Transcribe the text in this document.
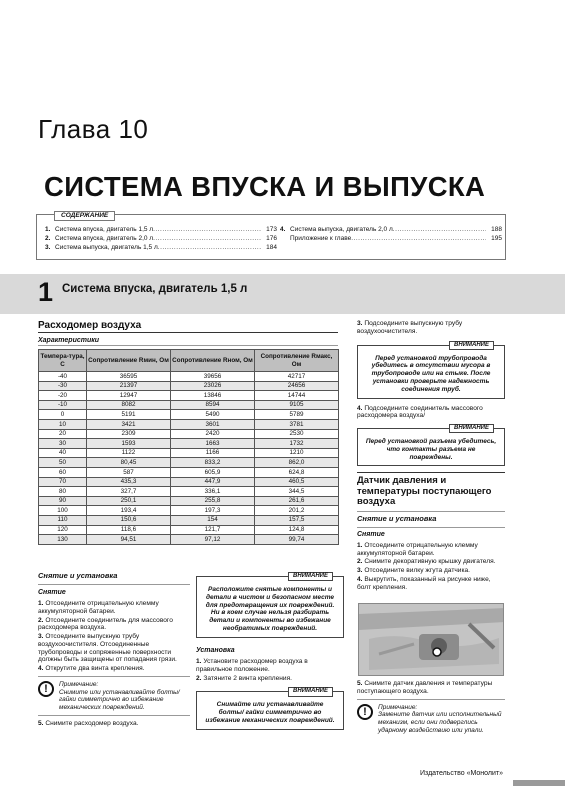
Глава 10
СИСТЕМА ВПУСКА И ВЫПУСКА
1. Система впуска, двигатель 1,5 л .....	173
2. Система впуска, двигатель 2,0 л .....	176
3. Система выпуска, двигатель 1,5 л .....	184
4. Система выпуска, двигатель 2,0 л .....	188
Приложение к главе .....	195
СОДЕРЖАНИЕ
1 Система впуска, двигатель 1,5 л
Расходомер воздуха
Характеристики
Темпера-тура, С	Сопротивление Rмин, Ом	Сопротивление Rном, Ом	Сопротивление Rмакс, Ом
-40	36595	39656	42717
-30	21397	23026	24656
-20	12947	13846	14744
-10	8082	8594	9105
0	5191	5490	5789
10	3421	3601	3781
20	2309	2420	2530
30	1593	1663	1732
40	1122	1166	1210
50	80,45	833,2	862,0
60	587	605,9	624,8
70	435,3	447,9	460,5
80	327,7	336,1	344,5
90	250,1	255,8	261,6
100	193,4	197,3	201,2
110	150,6	154	157,5
120	118,6	121,7	124,8
130	94,51	97,12	99,74
Снятие и установка
Снятие

1. Отсоедините отрицательную клемму аккумуляторной батареи.

2. Отсоедините соединитель для массового расходомера воздуха.

3. Отсоедините выпускную трубу воздухоочистителя. Отсоединенные трубопроводы и сопряженные поверхности должны быть защищены от попадания грязи.

4. Открутите два винта крепления.

!	Примечание:
Снимите или устанавливайте болты/ гайки симметрично во избежание механических повреждений.

5. Снимите расходомер воздуха.

ВНИМАНИЕ
Расположите снятые компоненты и детали в чистом и безопасном месте для предотвращения их повреждений. Ни в коем случае нельзя разбирать детали и компоненты во избежание необратимых повреждений.
Установка

1. Установите расходомер воздуха в правильное положение.

2. Затяните 2 винта крепления.

ВНИМАНИЕ
Снимайте или устанавливайте болты/ гайки симметрично во избежание механических повреждений.

3. Подсоедините выпускную трубу воздухоочистителя.

ВНИМАНИЕ
Перед установкой трубопровода убедитесь в отсутствии мусора в трубопроводе или на стыке. После установки проверьте надежность соединения труб.

4. Подсоедините соединитель массового расходомера воздуха/

ВНИМАНИЕ
Перед установкой разъема убедитесь, что контакты разъема не повреждены.
Датчик давления и температуры поступающего воздуха
Снятие и установка
Снятие

1. Отсоедините отрицательную клемму аккумуляторной батареи.

2. Снимите декоративную крышку двигателя.

3. Отсоедините вилку жгута датчика.

4. Выкрутить, показанный на рисунке ниже, болт крепления.

5. Снимите датчик давления и температуры поступающего воздуха.

!	Примечание:
Замените датчик или исполнительный механизм, если они подверглись ударному воздействию или упали.
Издательство «Монолит»
